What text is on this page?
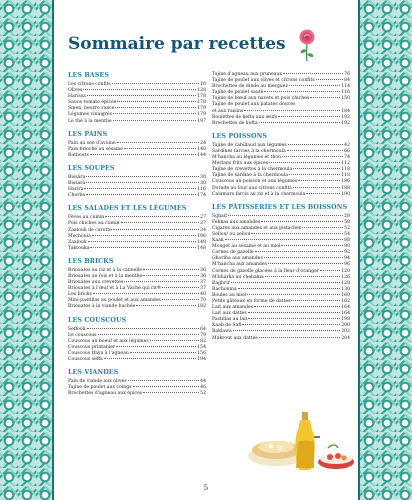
Sommaire par recettes
LES BASES
Les citrons confits	16
Olives	128
Harissa	178
Sauce tomate épicée	178
Smen, beurre rance	179
Légumes vinaigrés	179
Le thé à la menthe	197
LES PAINS
Pain au son d'avoine	24
Pain brioché au sésame	140
Batbouts	144
LES SOUPES
Bissâra	30
Bissara	30
Harira	116
Chorba	174
LES SALADES ET LES LÉGUMES
Fèves au cumin	27
Pois chiches au cumin	27
Zaalouk de carotte	34
Mechouia	106
Zaalouk	148
Taktouka	148
LES BRICKS
Briouates au riz et à la cannelle	36
Briouates au fois et à la menthe	36
Briouates aux crevettes	37
Briouates à l'œuf et à La Vache qui rit®	37
Les bricks	40
Mini-pastillas au poulet et aux amandes	70
Briouates à la viande hachée	182
LES COUSCOUS
Seffouk	64
Le couscous	79
Couscous au boeuf et aux légumes	82
Couscous printanier	154
Couscous tfaya à l'agneau	156
Couscous seffa	194
LES VIANDES
Pain de viande aux olives	44
Tajine de poulet aux coings	46
Brochettes d'agneau aux épices	52
Tajine d'agneau aux pruneaux	76
Tajine de poulet aux olives et citrons confits	84
Brochettes de dinde au merguez	114
Tajine de poulet sauté	116
Tajine de bœuf aux navets et pois chiches	150
Tajine de poulet aux patates douces
et aux raisins	184
Boulettes de kefta aux œufs	192
Brochettes de kefta	192
LES POISSONS
Tajine de cabillaud aux légumes	42
Sardines farcies à la chermoula	66
M'hancha au légumes et thon	74
Merlans frits aux épices	112
Tajine de crevettes à la chermoula	118
Tajine de sardine à la chermoula	118
Couscous au poisson et aux légumes	186
Dorade au four aux citrons confits	188
Calamars farcis au riz et à la chermoula	190
LES PÂTISSERIES ET LES BOISSONS
Sghaïf	28
Fekkas aux amandes	50
Cigares aux amandes et aux pistaches	52
Sellou/ ou sellou	54
Kaak	88
Mouget au sésame et au miel	90
Cornes de gazelle	92
Ghoriba aux amandes	94
M'hancha aux amandes	96
Cornes de gazelle glacées à la fleur d'oranger	120
M'kharka au chebakia	126
Baghrir	128
Rachouma	130
Boules au miel	160
Petits gâteaux en forme de dattes	162
Lait aux amandes	164
Lait aux dattes	164
Pastillas au lait	198
Kaab de Safi	200
Baklawa	202
Makrout aux dattes	204
5
